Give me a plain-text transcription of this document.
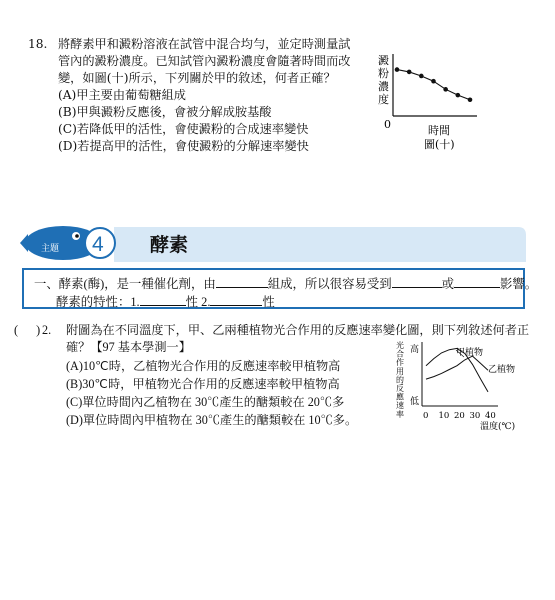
18. 將酵素甲和澱粉溶液在試管中混合均勻，並定時測量試
管內的澱粉濃度。已知試管內澱粉濃度會隨著時間而改
變，如圖(十)所示，下列關於甲的敘述，何者正確？
(A)甲主要由葡萄糖組成
(B)甲與澱粉反應後，會被分解成胺基酸
(C)若降低甲的活性，會使澱粉的合成速率變快
(D)若提高甲的活性，會使澱粉的分解速率變快
澱
粉
濃
度
0	時間
圖(十)
主題 4 酵素
一、酵素(酶)，是一種催化劑，由	組成，所以很容易受到	或	影響。
酵素的特性：1.	性 2.	性
( ) 2. 附圖為在不同溫度下，甲、乙兩種植物光合作用的反應速率變化圖，則下列敘述何者正
確？【97 基本學測一】
(A)10℃時，乙植物光合作用的反應速率較甲植物高
(B)30℃時，甲植物光合作用的反應速率較甲植物高
(C)單位時間內乙植物在 30℃產生的醣類較在 20℃多
(D)單位時間內甲植物在 30℃產生的醣類較在 10℃多。
光
合
作
用
的
反
應
速
率
高
低
0 10 20 30 40
溫度(℃)
甲植物
乙植物
